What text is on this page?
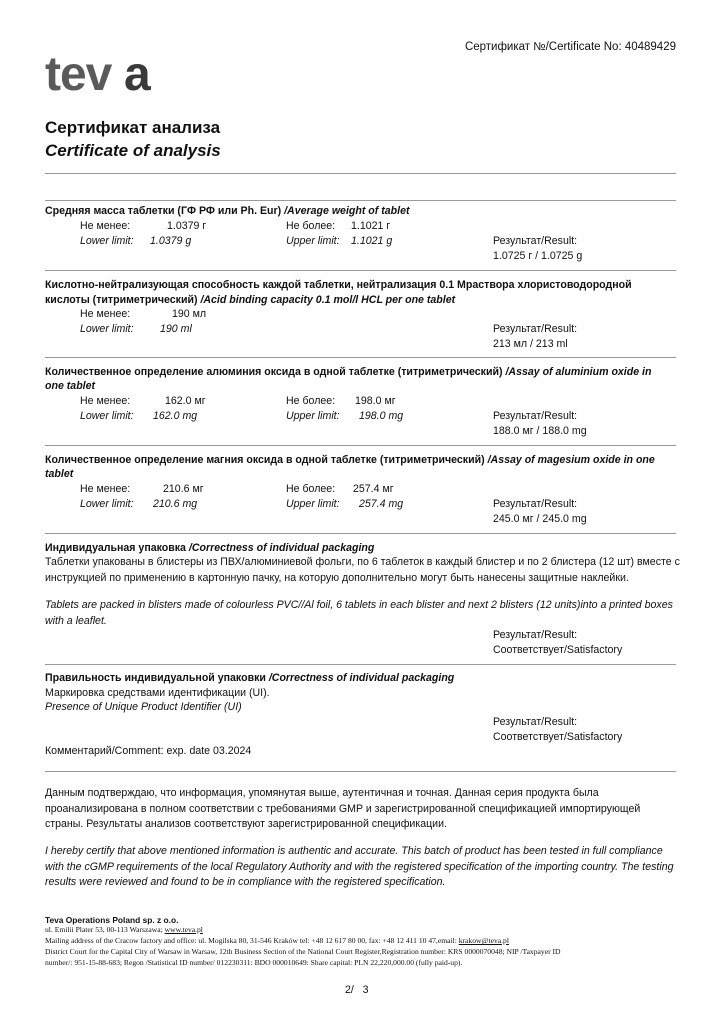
Сертификат №/Certificate No: 40489429
tev a
Сертификат анализа
Certificate of analysis
Средняя масса таблетки (ГФ РФ или Ph. Eur) /Average weight of tablet
Не менее:	1.0379 г	Не более: 1.1021 г
Lower limit: 1.0379 g	Upper limit: 1.1021 g	Результат/Result:
1.0725 г / 1.0725 g
Кислотно-нейтрализующая способность каждой таблетки, нейтрализация 0.1 Мраствора хлористоводородной
кислоты (титриметрический) /Acid binding capacity 0.1 mol/l HCL per one tablet
Не менее:	190 мл
Lower limit: 190 ml	Результат/Result:
213 мл / 213 ml
Количественное определение алюминия оксида в одной таблетке (титриметрический) /Assay of aluminium oxide in
one tablet
Не менее:	162.0 мг	Не более: 198.0 мг
Lower limit: 162.0 mg	Upper limit: 198.0 mg	Результат/Result:
188.0 мг / 188.0 mg
Количественное определение магния оксида в одной таблетке (титриметрический) /Assay of magesium oxide in one
tablet
Не менее:	210.6 мг	Не более: 257.4 мг
Lower limit: 210.6 mg	Upper limit: 257.4 mg	Результат/Result:
245.0 мг / 245.0 mg
Индивидуальная упаковка /Correctness of individual packaging
Таблетки упакованы в блистеры из ПВХ/алюминиевой фольги, по 6 таблеток в каждый блистер и по 2 блистера (12 шт) вместе с инструкцией по применению в картонную пачку, на которую дополнительно могут быть нанесены защитные наклейки.
Tablets are packed in blisters made of colourless PVC//Al foil, 6 tablets in each blister and next 2 blisters (12 units)into a printed boxes with a leaflet.
Результат/Result:
Соответствует/Satisfactory
Правильность индивидуальной упаковки /Correctness of individual packaging
Маркировка средствами идентификации (UI).
Presence of Unique Product Identifier (UI)
Результат/Result:
Соответствует/Satisfactory
Комментарий/Comment: exp. date 03.2024
Данным подтверждаю, что информация, упомянутая выше, аутентичная и точная. Данная серия продукта была проанализирована в полном соответствии с требованиями GMP и зарегистрированной спецификацией импортирующей страны. Результаты анализов соответствуют зарегистрированной спецификации.
I hereby certify that above mentioned information is authentic and accurate. This batch of product has been tested in full compliance with the cGMP requirements of the local Regulatory Authority and with the registered specification of the importing country. The testing results were reviewed and found to be in compliance with the registered specification.
Teva Operations Poland sp. z o.o.
ul. Emilii Plater 53, 00-113 Warszawa; www.teva.pl
Mailing address of the Cracow factory and office: ul. Mogilska 80, 31-546 Kraków tel: +48 12 617 80 00, fax: +48 12 411 10 47,email: krakow@teva.pl
District Court for the Capital City of Warsaw in Warsaw, 12th Business Section of the National Court Register,Registration number: KRS 0000070048; NIP /Taxpayer ID
number/: 951-15-88-683; Regon /Statistical ID number/ 012230311: BDO 000010649: Share capital: PLN 22,220,000.00 (fully paid-up).
2/   3
